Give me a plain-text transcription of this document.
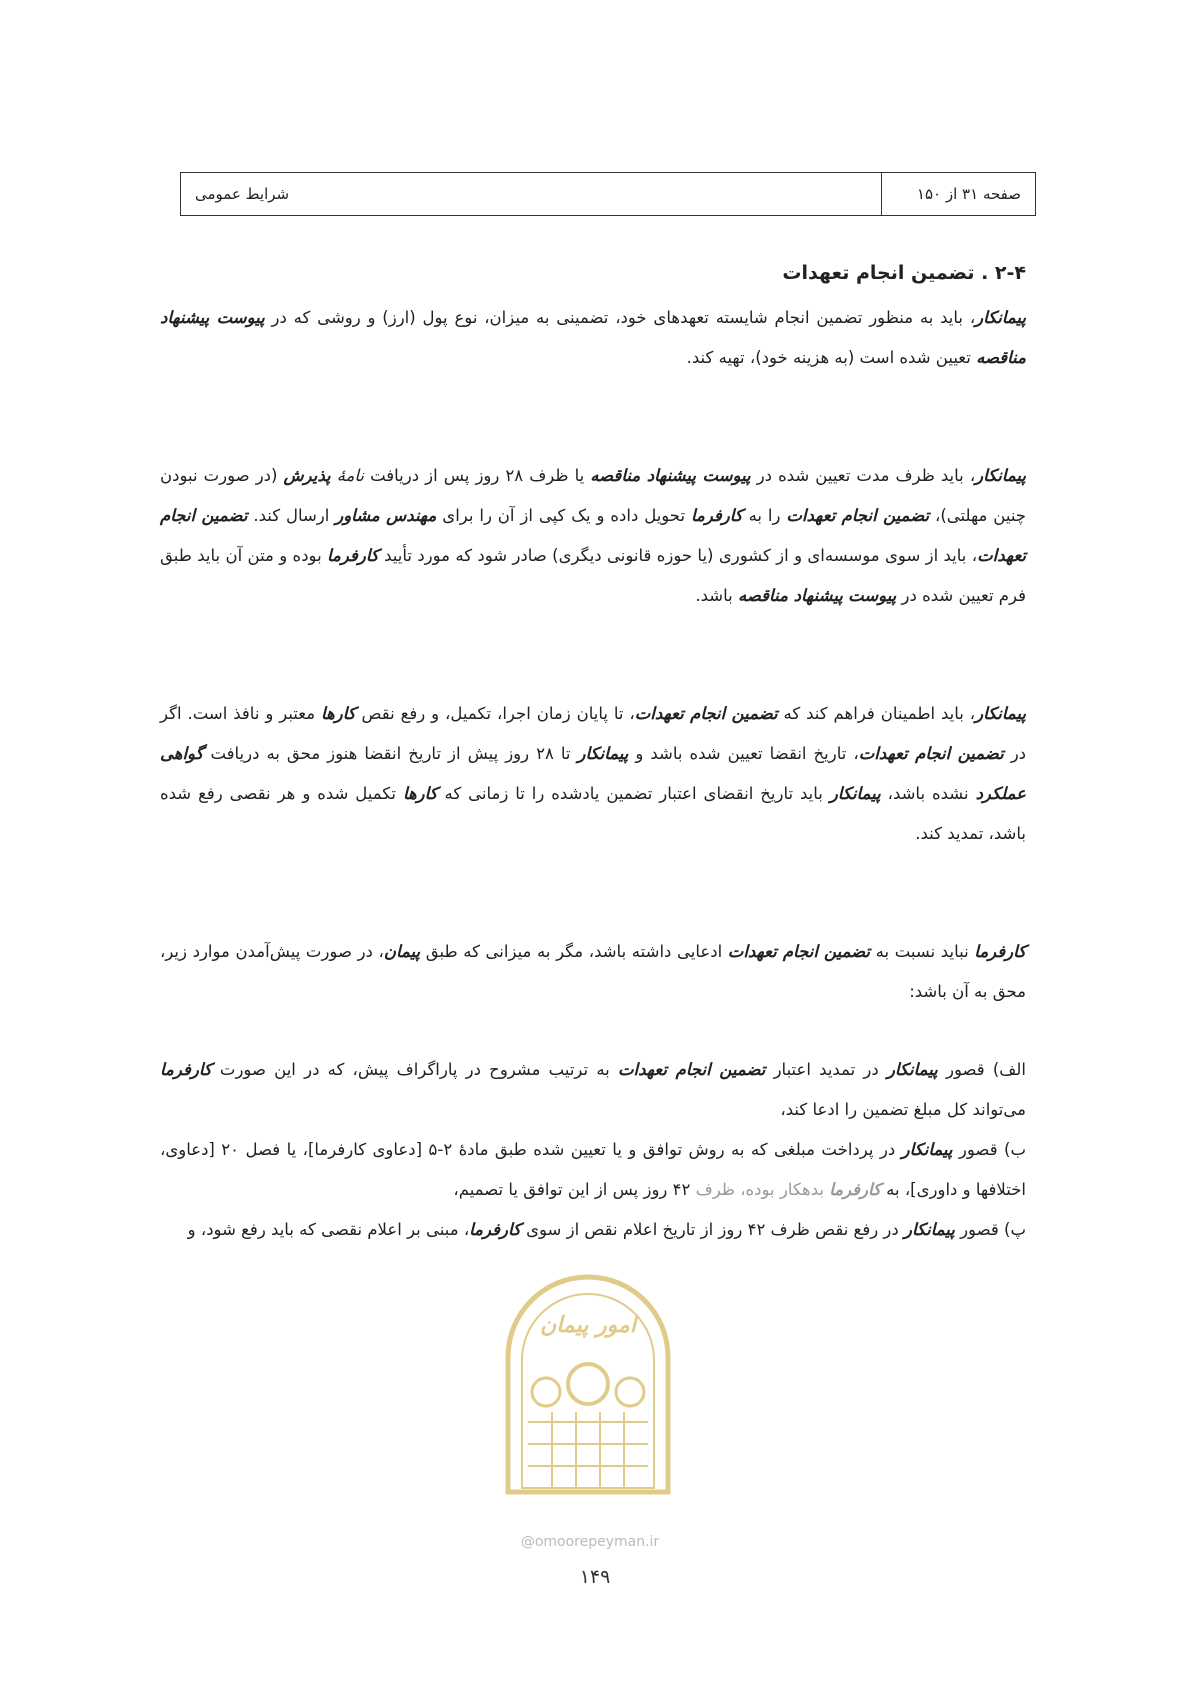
صفحه ۳۱ از ۱۵۰
شرایط عمومی
۲-۴ . تضمین انجام تعهدات

پیمانکار، باید به منظور تضمین انجام شایسته تعهدهای خود، تضمینی به میزان، نوع پول (ارز) و روشی که در پیوست پیشنهاد مناقصه تعیین شده است (به هزینه خود)، تهیه کند.

پیمانکار، باید ظرف مدت تعیین شده در پیوست پیشنهاد مناقصه یا ظرف ۲۸ روز پس از دریافت نامهٔ پذیرش (در صورت نبودن چنین مهلتی)، تضمین انجام تعهدات را به کارفرما تحویل داده و یک کپی از آن را برای مهندس مشاور ارسال کند. تضمین انجام تعهدات، باید از سوی موسسه‌ای و از کشوری (یا حوزه قانونی دیگری) صادر شود که مورد تأیید کارفرما بوده و متن آن باید طبق فرم تعیین شده در پیوست پیشنهاد مناقصه باشد.

پیمانکار، باید اطمینان فراهم کند که تضمین انجام تعهدات، تا پایان زمان اجرا، تکمیل، و رفع نقص کارها معتبر و نافذ است. اگر در تضمین انجام تعهدات، تاریخ انقضا تعیین شده باشد و پیمانکار تا ۲۸ روز پیش از تاریخ انقضا هنوز محق به دریافت گواهی عملکرد نشده باشد، پیمانکار باید تاریخ انقضای اعتبار تضمین یادشده را تا زمانی که کارها تکمیل شده و هر نقصی رفع شده باشد، تمدید کند.

کارفرما نباید نسبت به تضمین انجام تعهدات ادعایی داشته باشد، مگر به میزانی که طبق پیمان، در صورت پیش‌آمدن موارد زیر، محق به آن باشد:

الف) قصور پیمانکار در تمدید اعتبار تضمین انجام تعهدات به ترتیب مشروح در پاراگراف پیش، که در این صورت کارفرما می‌تواند کل مبلغ تضمین را ادعا کند،

ب) قصور پیمانکار در پرداخت مبلغی که به روش توافق و یا تعیین شده طبق مادهٔ ۲-۵ [دعاوی کارفرما]، یا فصل ۲۰ [دعاوی، اختلافها و داوری]، به کارفرما بدهکار بوده، ظرف ۴۲ روز پس از این توافق یا تصمیم،

پ) قصور پیمانکار در رفع نقص ظرف ۴۲ روز از تاریخ اعلام نقص از سوی کارفرما، مبنی بر اعلام نقصی که باید رفع شود، و

امور پیمان
@omoorepeyman.ir
۱۴۹
